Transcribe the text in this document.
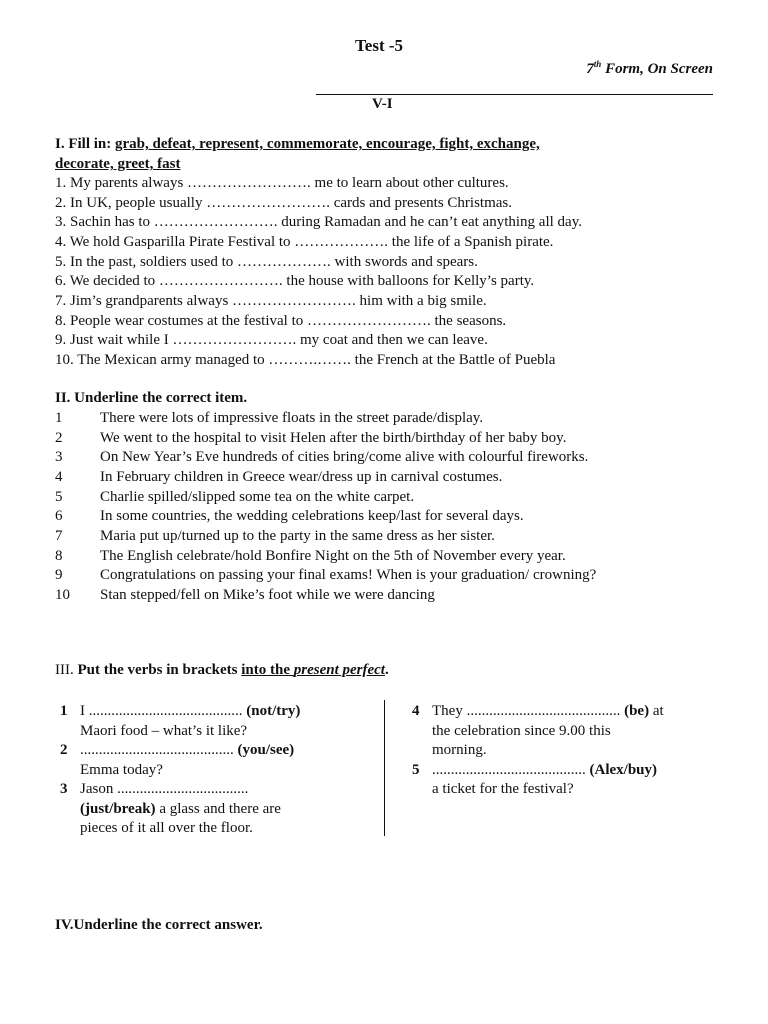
Test -5
7th Form, On Screen
V-I
I. Fill in: grab, defeat, represent, commemorate, encourage, fight, exchange,
decorate, greet, fast
1. My parents always ……………………. me to learn about other cultures.
2. In UK, people usually ……………………. cards and presents Christmas.
3. Sachin has to ……………………. during Ramadan and he can’t eat anything all day.
4. We hold Gasparilla Pirate Festival to ………………. the life of a Spanish pirate.
5. In the past, soldiers used to ………………. with swords and spears.
6. We decided to ……………………. the house with balloons for Kelly’s party.
7. Jim’s grandparents always ……………………. him with a big smile.
8. People wear costumes at the festival to ……………………. the seasons.
9. Just wait while I ……………………. my coat and then we can leave.
10. The Mexican army managed to ……….……. the French at the Battle of Puebla
II. Underline the correct item.
1	There were lots of impressive floats in the street parade/display.
2	We went to the hospital to visit Helen after the birth/birthday of her baby boy.
3	On New Year’s Eve hundreds of cities bring/come alive with colourful fireworks.
4	In February children in Greece wear/dress up in carnival costumes.
5	Charlie spilled/slipped some tea on the white carpet.
6	In some countries, the wedding celebrations keep/last for several days.
7	Maria put up/turned up to the party in the same dress as her sister.
8	The English celebrate/hold Bonfire Night on the 5th of November every year.
9	Congratulations on passing your final exams! When is your graduation/ crowning?
10 Stan stepped/fell on Mike’s foot while we were dancing
III. Put the verbs in brackets into the present perfect.
1 I ......................................... (not/try)
Maori food – what’s it like?
2 ......................................... (you/see)
Emma today?
3 Jason ...................................
(just/break) a glass and there are
pieces of it all over the floor.
4 They ......................................... (be) at
the celebration since 9.00 this
morning.
5 ......................................... (Alex/buy)
a ticket for the festival?
IV.Underline the correct answer.
